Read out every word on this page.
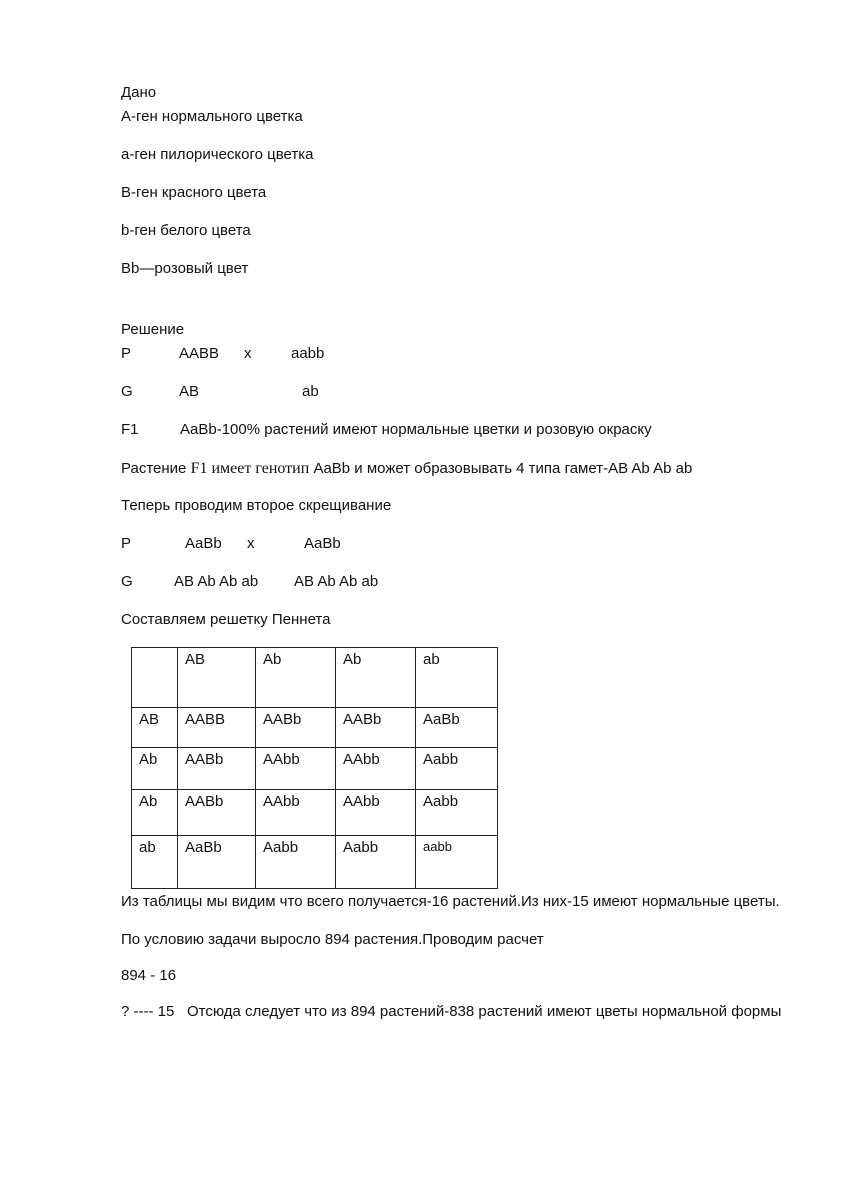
Дано
А-ген нормального цветка
а-ген пилорического цветка
В-ген красного цвета
b-ген белого цвета
Bb—розовый цвет
Решение
P	AABB x	aabb
G	AB	ab
F1	AaBb-100% растений имеют нормальные цветки и розовую окраску
Растение F1 имеет генотип AaBb и может образовывать 4 типа гамет-AB Ab Ab ab
Теперь проводим второе скрещивание
P	AaBb x	AaBb
G	AB Ab Ab ab AB Ab Ab ab
Составляем решетку Пеннета
	AB	Ab	Ab	ab
AB	AABB	AABb	AABb	AaBb
Ab	AABb	AAbb	AAbb	Aabb
Ab	AABb	AAbb	AAbb	Aabb
ab	AaBb	Aabb	Aabb	aabb
Из таблицы мы видим что всего получается-16 растений.Из них-15 имеют нормальные цветы.
По условию задачи выросло 894 растения.Проводим расчет
894 - 16
? ---- 15 Отсюда следует что из 894 растений-838 растений имеют цветы нормальной формы
